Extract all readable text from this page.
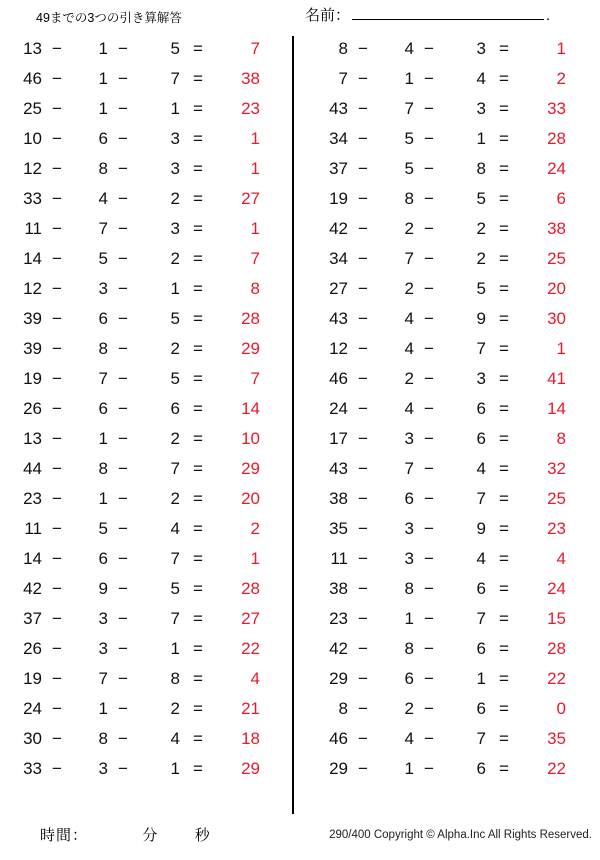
49までの3つの引き算解答	名前 ：	.
13 −	1 −	5 =	7
46 −	1 −	7 =	38
25 −	1 −	1 =	23
10 −	6 −	3 =	1
12 −	8 −	3 =	1
33 −	4 −	2 =	27
11 −	7 −	3 =	1
14 −	5 −	2 =	7
12 −	3 −	1 =	8
39 −	6 −	5 =	28
39 −	8 −	2 =	29
19 −	7 −	5 =	7
26 −	6 −	6 =	14
13 −	1 −	2 =	10
44 −	8 −	7 =	29
23 −	1 −	2 =	20
11 −	5 −	4 =	2
14 −	6 −	7 =	1
42 −	9 −	5 =	28
37 −	3 −	7 =	27
26 −	3 −	1 =	22
19 −	7 −	8 =	4
24 −	1 −	2 =	21
30 −	8 −	4 =	18
33 −	3 −	1 =	29
8 −	4 −	3 =	1
7 −	1 −	4 =	2
43 −	7 −	3 =	33
34 −	5 −	1 =	28
37 −	5 −	8 =	24
19 −	8 −	5 =	6
42 −	2 −	2 =	38
34 −	7 −	2 =	25
27 −	2 −	5 =	20
43 −	4 −	9 =	30
12 −	4 −	7 =	1
46 −	2 −	3 =	41
24 −	4 −	6 =	14
17 −	3 −	6 =	8
43 −	7 −	4 =	32
38 −	6 −	7 =	25
35 −	3 −	9 =	23
11 −	3 −	4 =	4
38 −	8 −	6 =	24
23 −	1 −	7 =	15
42 −	8 −	6 =	28
29 −	6 −	1 =	22
8 −	2 −	6 =	0
46 −	4 −	7 =	35
29 −	1 −	6 =	22
時間：	分 秒	290/400 Copyright © Alpha.Inc All Rights Reserved.
